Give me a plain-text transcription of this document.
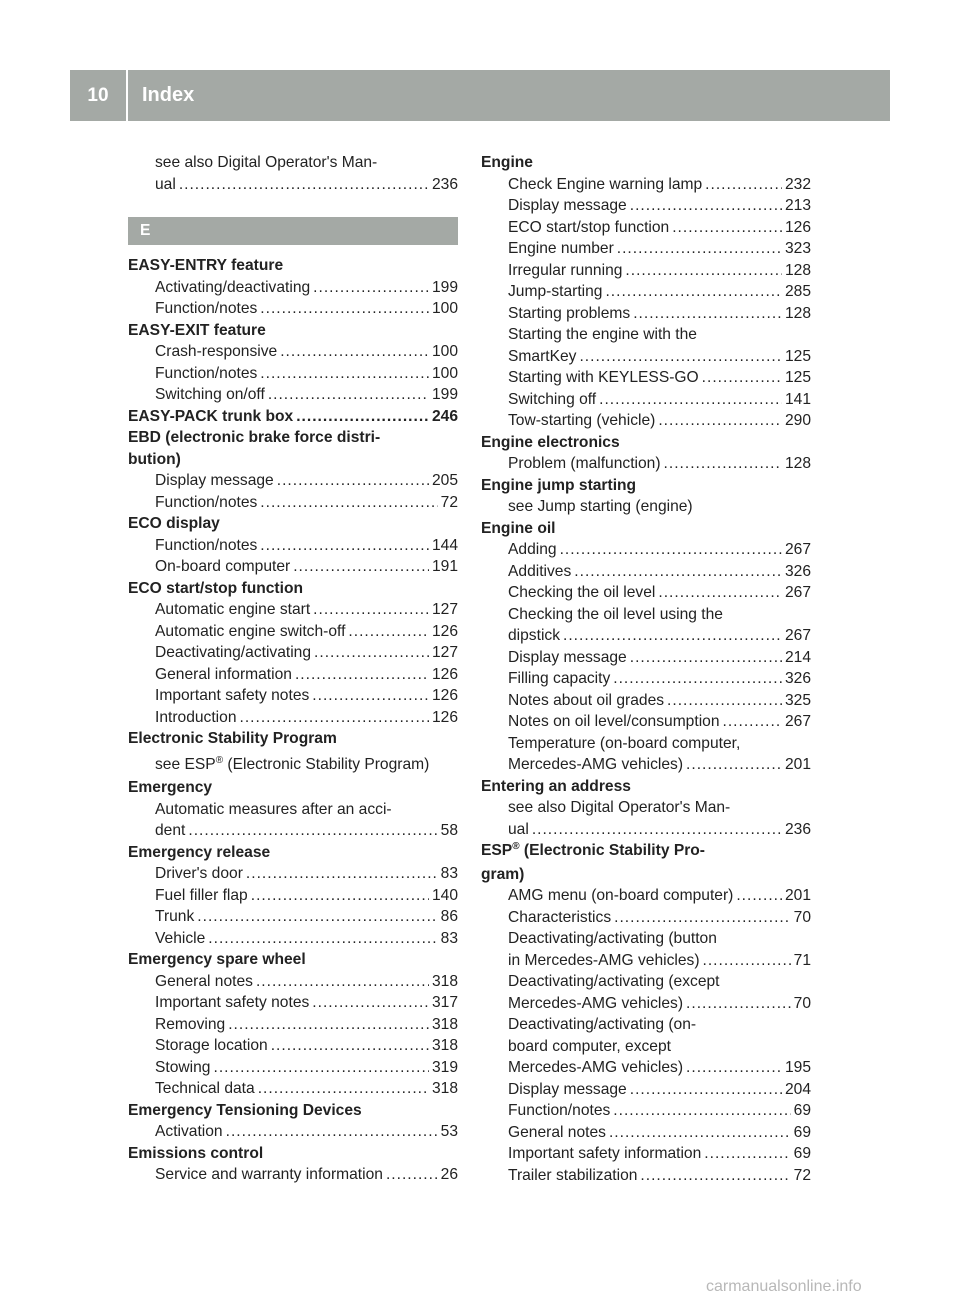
10	Index
see also Digital Operator's Man-
ual .....	236
E
EASY-ENTRY feature
Activating/deactivating .....	199
Function/notes .....	100
EASY-EXIT feature
Crash-responsive .....	100
Function/notes .....	100
Switching on/off .....	199
EASY-PACK trunk box .....	246
EBD (electronic brake force distri-
bution)
Display message .....	205
Function/notes .....	72
ECO display
Function/notes .....	144
On-board computer .....	191
ECO start/stop function
Automatic engine start .....	127
Automatic engine switch-off .....	126
Deactivating/activating .....	127
General information .....	126
Important safety notes .....	126
Introduction .....	126
Electronic Stability Program
see ESP® (Electronic Stability Program)
Emergency
Automatic measures after an acci-
dent .....	58
Emergency release
Driver's door .....	83
Fuel filler flap .....	140
Trunk .....	86
Vehicle .....	83
Emergency spare wheel
General notes .....	318
Important safety notes .....	317
Removing .....	318
Storage location .....	318
Stowing .....	319
Technical data .....	318
Emergency Tensioning Devices
Activation .....	53
Emissions control
Service and warranty information .....	26
Engine
Check Engine warning lamp .....	232
Display message .....	213
ECO start/stop function .....	126
Engine number .....	323
Irregular running .....	128
Jump-starting .....	285
Starting problems .....	128
Starting the engine with the
SmartKey .....	125
Starting with KEYLESS-GO .....	125
Switching off .....	141
Tow-starting (vehicle) .....	290
Engine electronics
Problem (malfunction) .....	128
Engine jump starting
see Jump starting (engine)
Engine oil
Adding .....	267
Additives .....	326
Checking the oil level .....	267
Checking the oil level using the
dipstick .....	267
Display message .....	214
Filling capacity .....	326
Notes about oil grades .....	325
Notes on oil level/consumption .....	267
Temperature (on-board computer,
Mercedes-AMG vehicles) .....	201
Entering an address
see also Digital Operator's Man-
ual .....	236
ESP® (Electronic Stability Pro-
gram)
AMG menu (on-board computer) .....	201
Characteristics .....	70
Deactivating/activating (button
in Mercedes-AMG vehicles) .....	71
Deactivating/activating (except
Mercedes-AMG vehicles) .....	70
Deactivating/activating (on-
board computer, except
Mercedes-AMG vehicles) .....	195
Display message .....	204
Function/notes .....	69
General notes .....	69
Important safety information .....	69
Trailer stabilization .....	72
carmanualsonline.info
